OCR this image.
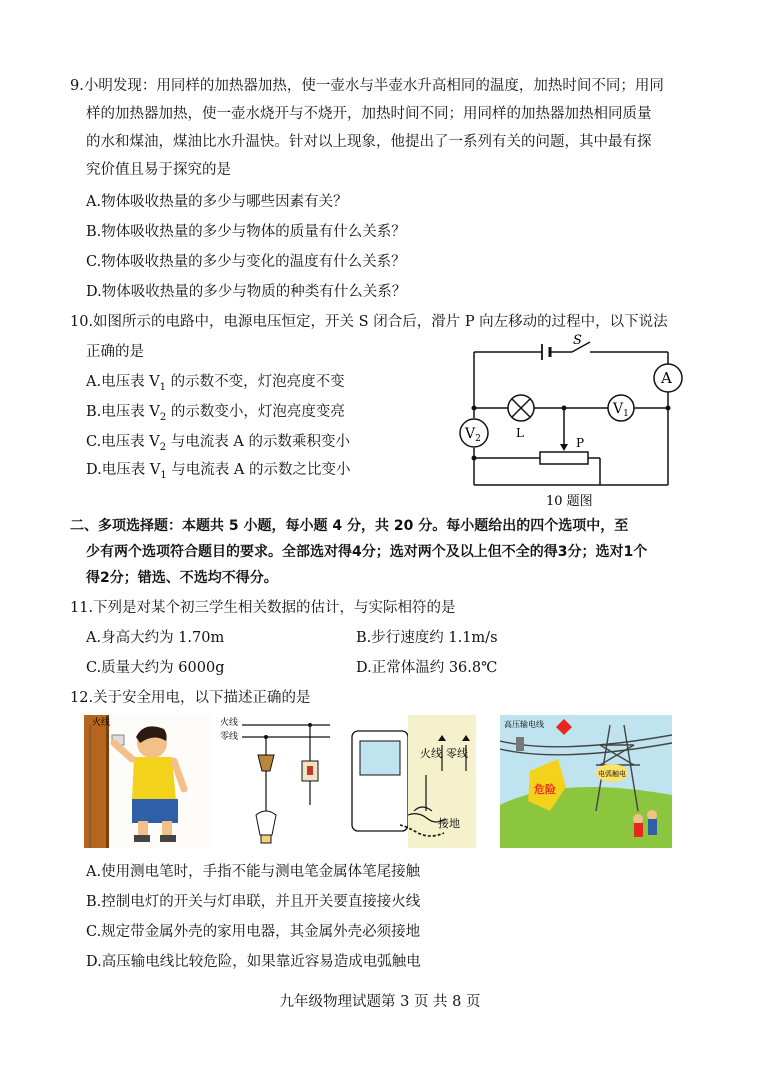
9.小明发现：用同样的加热器加热，使一壶水与半壶水升高相同的温度，加热时间不同；用同
样的加热器加热，使一壶水烧开与不烧开，加热时间不同；用同样的加热器加热相同质量
的水和煤油，煤油比水升温快。针对以上现象，他提出了一系列有关的问题，其中最有探
究价值且易于探究的是
A.物体吸收热量的多少与哪些因素有关？
B.物体吸收热量的多少与物体的质量有什么关系？
C.物体吸收热量的多少与变化的温度有什么关系？
D.物体吸收热量的多少与物质的种类有什么关系？
10.如图所示的电路中，电源电压恒定，开关 S 闭合后，滑片 P 向左移动的过程中，以下说法
正确的是
A.电压表 $V_1$ 的示数不变，灯泡亮度不变
B.电压表 $V_2$ 的示数变小，灯泡亮度变亮
C.电压表 $V_2$ 与电流表 A 的示数乘积变小
D.电压表 $V_1$ 与电流表 A 的示数之比变小
S
A
L
$V_1$
$V_2$	P
10 题图
二、多项选择题：本题共 5 小题，每小题 4 分，共 20 分。每小题给出的四个选项中，至
少有两个选项符合题目的要求。全部选对得4分；选对两个及以上但不全的得3分；选对1个
得2分；错选、不选均不得分。
11.下列是对某个初三学生相关数据的估计，与实际相符的是
A.身高大约为 1.70m	B.步行速度约 1.1m/s
C.质量大约为 6000g	D.正常体温约 36.8℃
12.关于安全用电，以下描述正确的是
火线	火线
零线
火线 零线
接地
高压输电线
危险
电弧触电
A.使用测电笔时，手指不能与测电笔金属体笔尾接触
B.控制电灯的开关与灯串联，并且开关要直接接火线
C.规定带金属外壳的家用电器，其金属外壳必须接地
D.高压输电线比较危险，如果靠近容易造成电弧触电
九年级物理试题第 3 页 共 8 页
